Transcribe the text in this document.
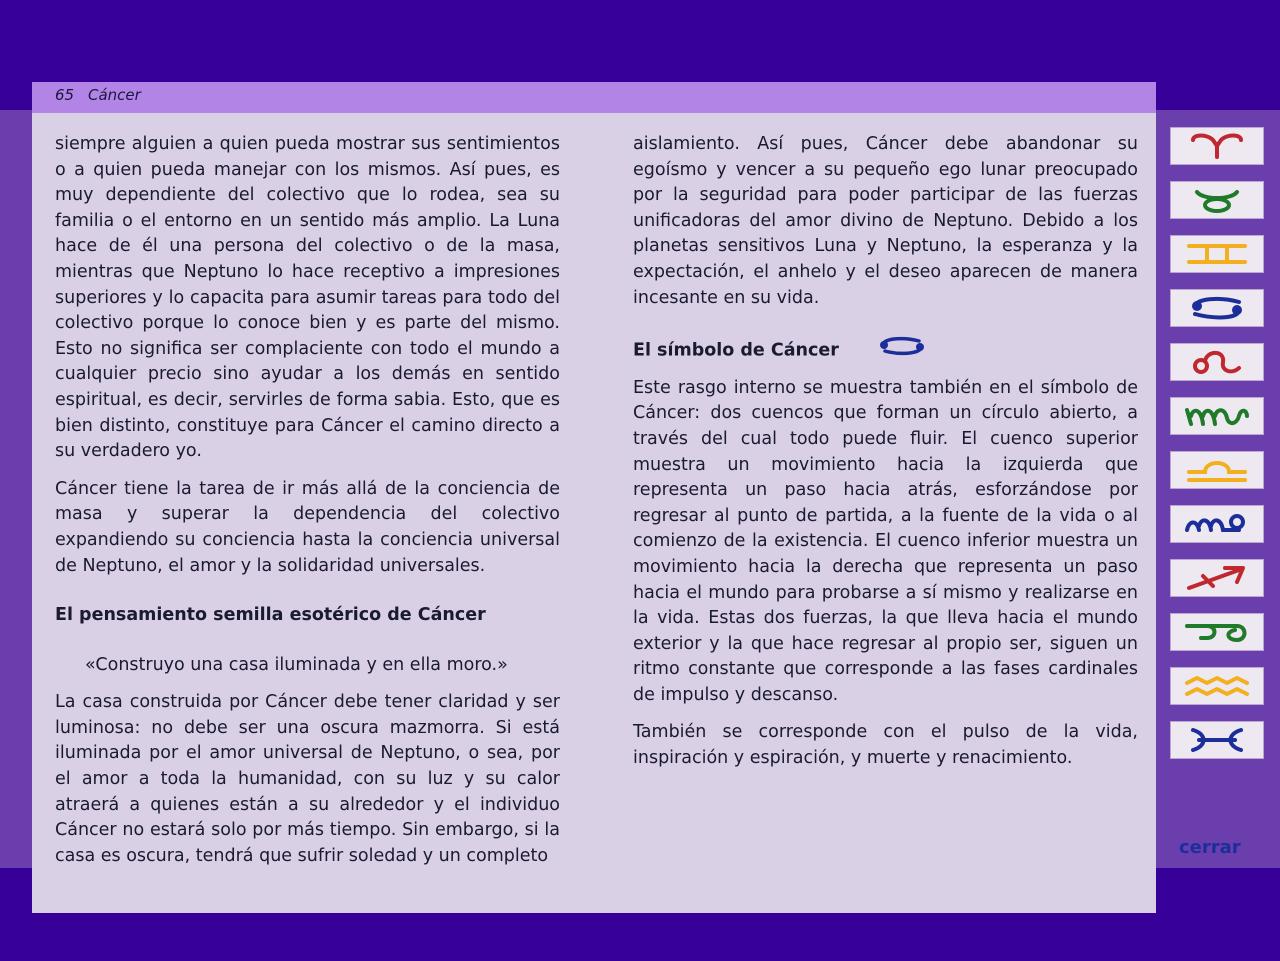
65 Cáncer

siempre alguien a quien pueda mostrar sus sentimientos o a quien pueda manejar con los mismos. Así pues, es muy dependiente del colectivo que lo rodea, sea su familia o el entorno en un sentido más amplio. La Luna hace de él una persona del colectivo o de la masa, mientras que Neptuno lo hace receptivo a impresiones superiores y lo capacita para asumir tareas para todo del colectivo porque lo conoce bien y es parte del mismo. Esto no significa ser complaciente con todo el mundo a cualquier precio sino ayudar a los demás en sentido espiritual, es decir, servirles de forma sabia. Esto, que es bien distinto, constituye para Cáncer el camino directo a su verdadero yo.

Cáncer tiene la tarea de ir más allá de la conciencia de masa y superar la dependencia del colectivo expandiendo su conciencia hasta la conciencia universal de Neptuno, el amor y la solidaridad universales.

El pensamiento semilla esotérico de Cáncer

«Construyo una casa iluminada y en ella moro.»

La casa construida por Cáncer debe tener claridad y ser luminosa: no debe ser una oscura mazmorra. Si está iluminada por el amor universal de Neptuno, o sea, por el amor a toda la humanidad, con su luz y su calor atraerá a quienes están a su alrededor y el individuo Cáncer no estará solo por más tiempo. Sin embargo, si la casa es oscura, tendrá que sufrir soledad y un completo

aislamiento. Así pues, Cáncer debe abandonar su egoísmo y vencer a su pequeño ego lunar preocupado por la seguridad para poder participar de las fuerzas unificadoras del amor divino de Neptuno. Debido a los planetas sensitivos Luna y Neptuno, la esperanza y la expectación, el anhelo y el deseo aparecen de manera incesante en su vida.

El símbolo de Cáncer

Este rasgo interno se muestra también en el símbolo de Cáncer: dos cuencos que forman un círculo abierto, a través del cual todo puede fluir. El cuenco superior muestra un movimiento hacia la izquierda que representa un paso hacia atrás, esforzándose por regresar al punto de partida, a la fuente de la vida o al comienzo de la existencia. El cuenco inferior muestra un movimiento hacia la derecha que representa un paso hacia el mundo para probarse a sí mismo y realizarse en la vida. Estas dos fuerzas, la que lleva hacia el mundo exterior y la que hace regresar al propio ser, siguen un ritmo constante que corresponde a las fases cardinales de impulso y descanso.

También se corresponde con el pulso de la vida, inspiración y espiración, y muerte y renacimiento.

cerrar
